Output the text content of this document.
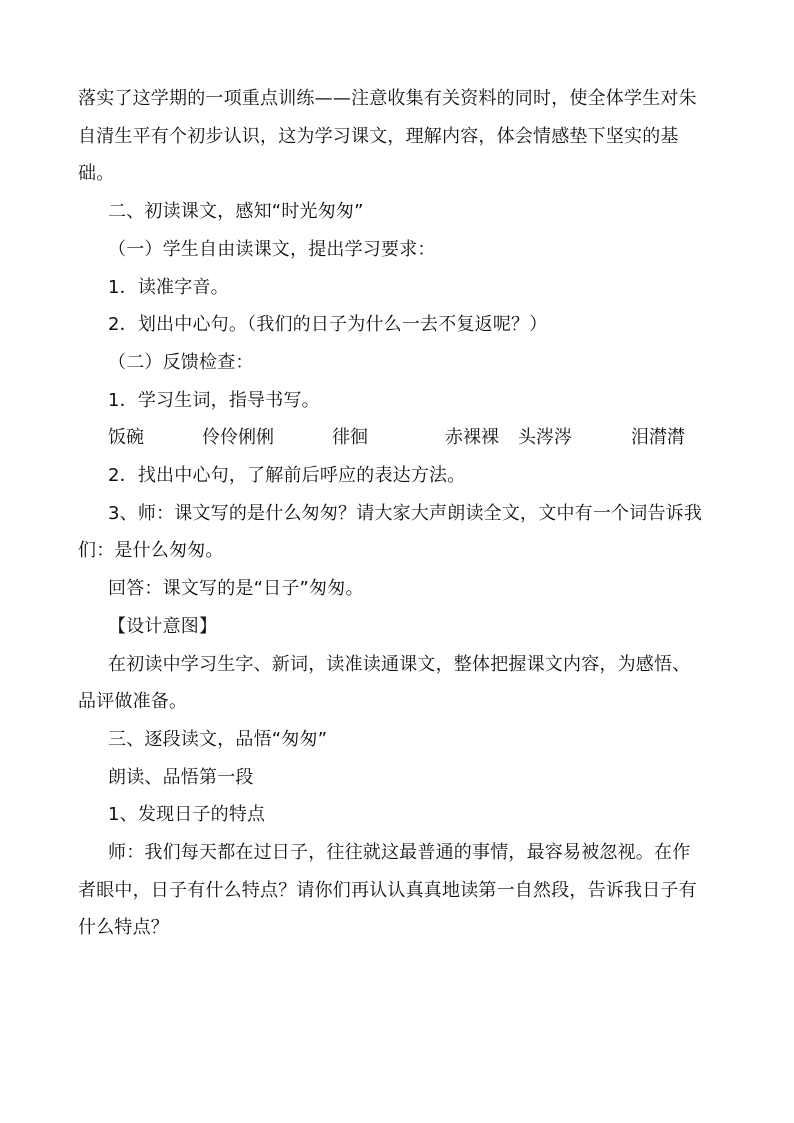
落实了这学期的一项重点训练——注意收集有关资料的同时，使全体学生对朱
自清生平有个初步认识，这为学习课文，理解内容，体会情感垫下坚实的基
础。
二、初读课文，感知“时光匆匆”
（一）学生自由读课文，提出学习要求：
1．读准字音。
2．划出中心句。（我们的日子为什么一去不复返呢？）
（二）反馈检查：
1．学习生词，指导书写。
饭碗	伶伶俐俐	徘徊	赤裸裸 头涔涔	泪潸潸
2．找出中心句，了解前后呼应的表达方法。
3、师：课文写的是什么匆匆？请大家大声朗读全文，文中有一个词告诉我
们：是什么匆匆。
回答：课文写的是“日子”匆匆。
【设计意图】
在初读中学习生字、新词，读准读通课文，整体把握课文内容，为感悟、
品评做准备。
三、逐段读文，品悟“匆匆”
朗读、品悟第一段
1、发现日子的特点
师：我们每天都在过日子，往往就这最普通的事情，最容易被忽视。在作
者眼中，日子有什么特点？请你们再认认真真地读第一自然段，告诉我日子有
什么特点？
